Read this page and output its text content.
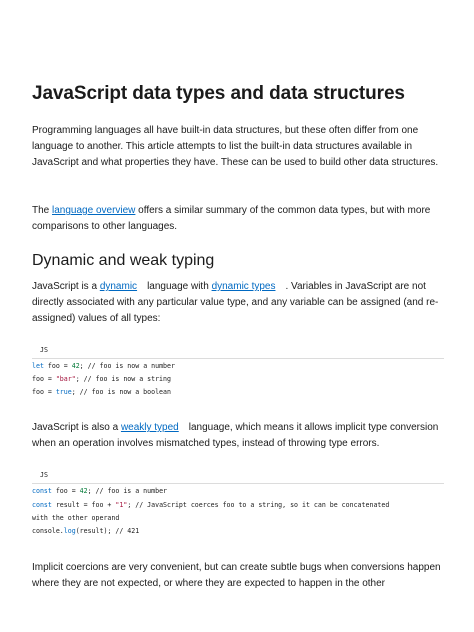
JavaScript data types and data structures

Programming languages all have built-in data structures, but these often differ from one language to another. This article attempts to list the built-in data structures available in JavaScript and what properties they have. These can be used to build other data structures.

The language overview offers a similar summary of the common data types, but with more comparisons to other languages.

Dynamic and weak typing

JavaScript is a dynamic language with dynamic types . Variables in JavaScript are not directly associated with any particular value type, and any variable can be assigned (and re-assigned) values of all types:

JS
let foo = 42; // foo is now a number
foo = "bar"; // foo is now a string
foo = true; // foo is now a boolean

JavaScript is also a weakly typed language, which means it allows implicit type conversion when an operation involves mismatched types, instead of throwing type errors.

JS
const foo = 42; // foo is a number
const result = foo + "1"; // JavaScript coerces foo to a string, so it can be concatenated
with the other operand
console.log(result); // 421

Implicit coercions are very convenient, but can create subtle bugs when conversions happen where they are not expected, or where they are expected to happen in the other
